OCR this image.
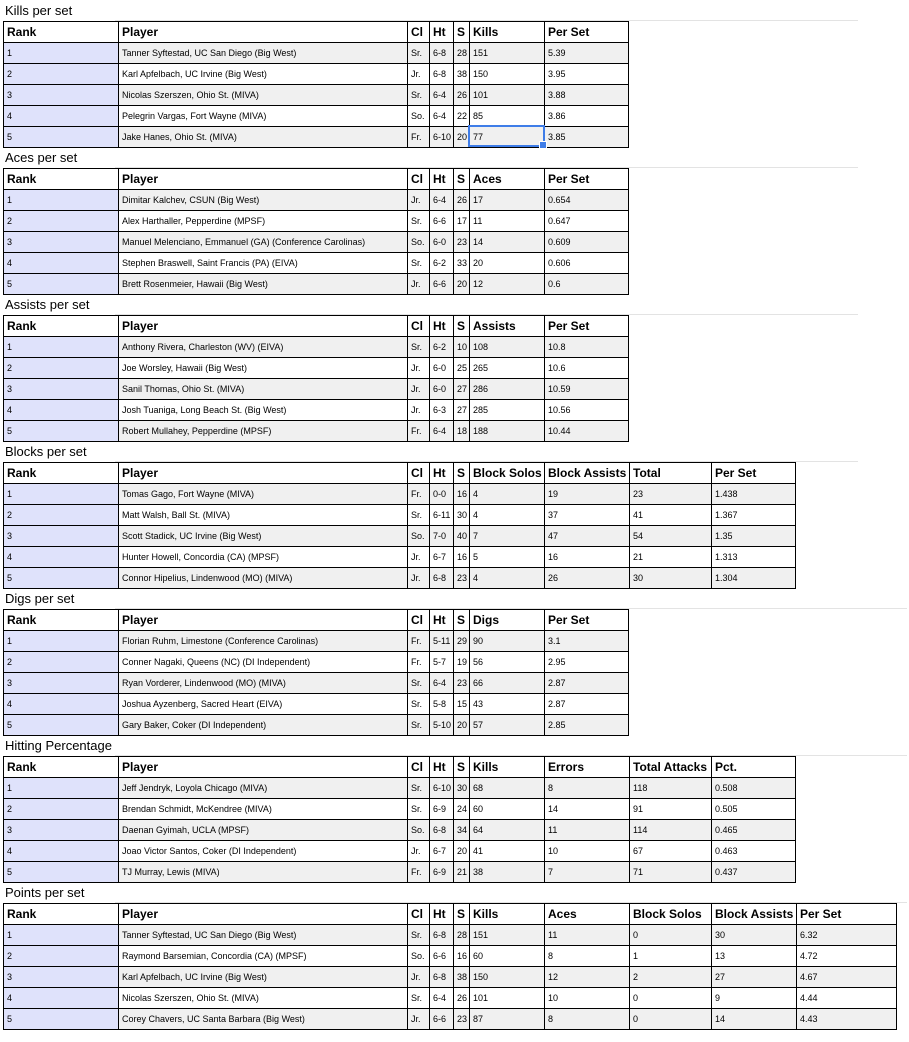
Kills per set
Rank	Player	Cl	Ht	S	Kills	Per Set
1	Tanner Syftestad, UC San Diego (Big West)	Sr.	6-8	28	151	5.39
2	Karl Apfelbach, UC Irvine (Big West)	Jr.	6-8	38	150	3.95
3	Nicolas Szerszen, Ohio St. (MIVA)	Sr.	6-4	26	101	3.88
4	Pelegrin Vargas, Fort Wayne (MIVA)	So.	6-4	22	85	3.86
5	Jake Hanes, Ohio St. (MIVA)	Fr.	6-10	20	77	3.85
Aces per set
Rank	Player	Cl	Ht	S	Aces	Per Set
1	Dimitar Kalchev, CSUN (Big West)	Jr.	6-4	26	17	0.654
2	Alex Harthaller, Pepperdine (MPSF)	Sr.	6-6	17	11	0.647
3	Manuel Melenciano, Emmanuel (GA) (Conference Carolinas)	So.	6-0	23	14	0.609
4	Stephen Braswell, Saint Francis (PA) (EIVA)	Sr.	6-2	33	20	0.606
5	Brett Rosenmeier, Hawaii (Big West)	Jr.	6-6	20	12	0.6
Assists per set
Rank	Player	Cl	Ht	S	Assists	Per Set
1	Anthony Rivera, Charleston (WV) (EIVA)	Sr.	6-2	10	108	10.8
2	Joe Worsley, Hawaii (Big West)	Jr.	6-0	25	265	10.6
3	Sanil Thomas, Ohio St. (MIVA)	Jr.	6-0	27	286	10.59
4	Josh Tuaniga, Long Beach St. (Big West)	Jr.	6-3	27	285	10.56
5	Robert Mullahey, Pepperdine (MPSF)	Fr.	6-4	18	188	10.44
Blocks per set
Rank	Player	Cl	Ht	S	Block Solos	Block Assists	Total	Per Set
1	Tomas Gago, Fort Wayne (MIVA)	Fr.	0-0	16	4	19	23	1.438
2	Matt Walsh, Ball St. (MIVA)	Sr.	6-11	30	4	37	41	1.367
3	Scott Stadick, UC Irvine (Big West)	So.	7-0	40	7	47	54	1.35
4	Hunter Howell, Concordia (CA) (MPSF)	Jr.	6-7	16	5	16	21	1.313
5	Connor Hipelius, Lindenwood (MO) (MIVA)	Jr.	6-8	23	4	26	30	1.304
Digs per set
Rank	Player	Cl	Ht	S	Digs	Per Set
1	Florian Ruhm, Limestone (Conference Carolinas)	Fr.	5-11	29	90	3.1
2	Conner Nagaki, Queens (NC) (DI Independent)	Fr.	5-7	19	56	2.95
3	Ryan Vorderer, Lindenwood (MO) (MIVA)	Sr.	6-4	23	66	2.87
4	Joshua Ayzenberg, Sacred Heart (EIVA)	Sr.	5-8	15	43	2.87
5	Gary Baker, Coker (DI Independent)	Sr.	5-10	20	57	2.85
Hitting Percentage
Rank	Player	Cl	Ht	S	Kills	Errors	Total Attacks	Pct.
1	Jeff Jendryk, Loyola Chicago (MIVA)	Sr.	6-10	30	68	8	118	0.508
2	Brendan Schmidt, McKendree (MIVA)	Sr.	6-9	24	60	14	91	0.505
3	Daenan Gyimah, UCLA (MPSF)	So.	6-8	34	64	11	114	0.465
4	Joao Victor Santos, Coker (DI Independent)	Jr.	6-7	20	41	10	67	0.463
5	TJ Murray, Lewis (MIVA)	Fr.	6-9	21	38	7	71	0.437
Points per set
Rank	Player	Cl	Ht	S	Kills	Aces	Block Solos	Block Assists	Per Set
1	Tanner Syftestad, UC San Diego (Big West)	Sr.	6-8	28	151	11	0	30	6.32
2	Raymond Barsemian, Concordia (CA) (MPSF)	So.	6-6	16	60	8	1	13	4.72
3	Karl Apfelbach, UC Irvine (Big West)	Jr.	6-8	38	150	12	2	27	4.67
4	Nicolas Szerszen, Ohio St. (MIVA)	Sr.	6-4	26	101	10	0	9	4.44
5	Corey Chavers, UC Santa Barbara (Big West)	Jr.	6-6	23	87	8	0	14	4.43
